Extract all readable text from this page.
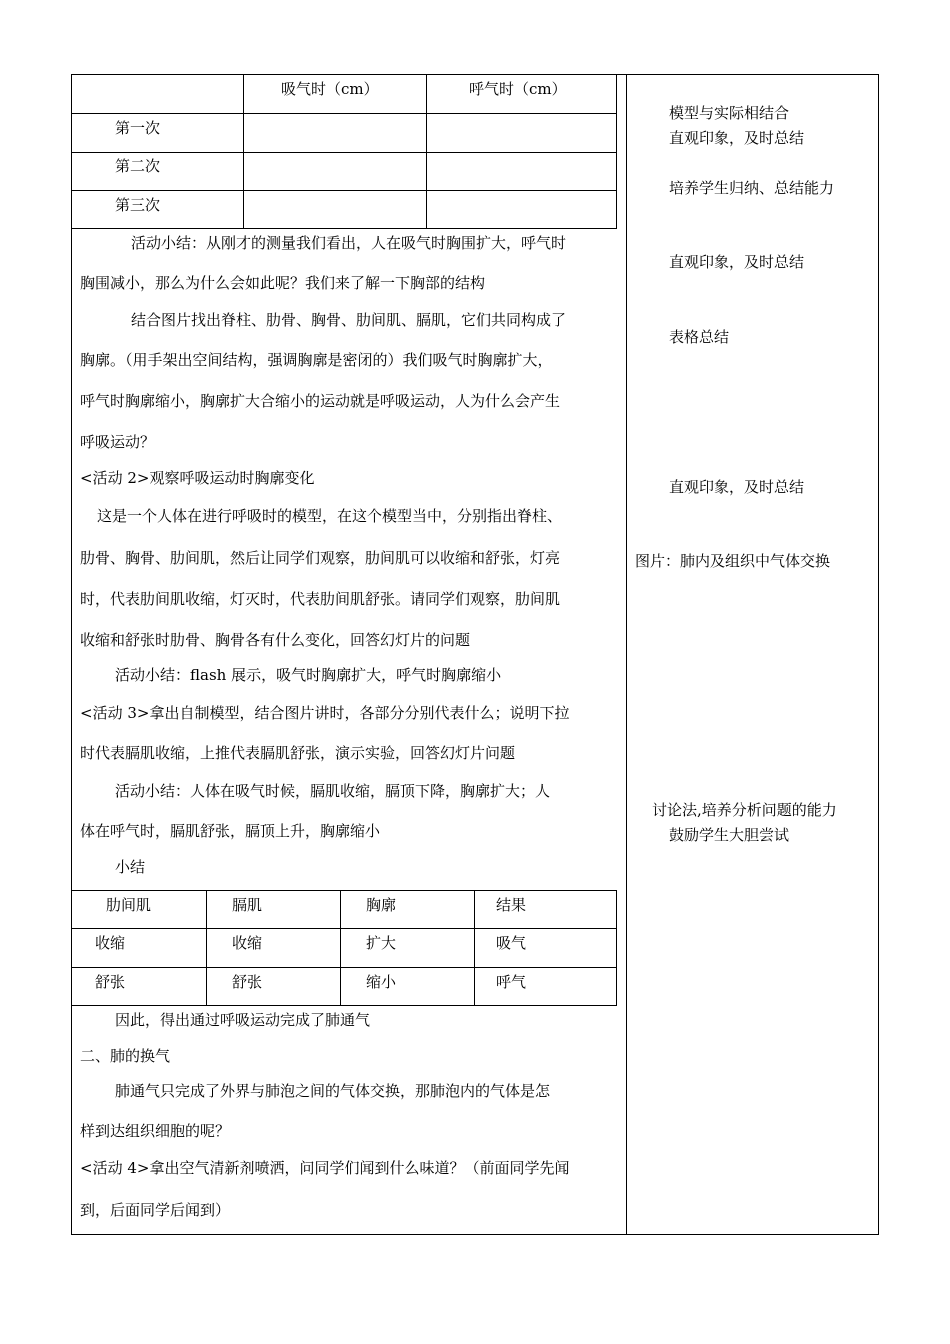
吸气时（cm）	呼气时（cm）
第一次
第二次
第三次
活动小结：从刚才的测量我们看出，人在吸气时胸围扩大，呼气时
胸围减小，那么为什么会如此呢？我们来了解一下胸部的结构
结合图片找出脊柱、肋骨、胸骨、肋间肌、膈肌，它们共同构成了
胸廓。（用手架出空间结构，强调胸廓是密闭的）我们吸气时胸廓扩大，
呼气时胸廓缩小，胸廓扩大合缩小的运动就是呼吸运动，人为什么会产生
呼吸运动？
<活动 2>观察呼吸运动时胸廓变化
这是一个人体在进行呼吸时的模型，在这个模型当中，分别指出脊柱、
肋骨、胸骨、肋间肌，然后让同学们观察，肋间肌可以收缩和舒张，灯亮
时，代表肋间肌收缩，灯灭时，代表肋间肌舒张。请同学们观察，肋间肌
收缩和舒张时肋骨、胸骨各有什么变化，回答幻灯片的问题
活动小结：flash 展示，吸气时胸廓扩大，呼气时胸廓缩小
<活动 3>拿出自制模型，结合图片讲时，各部分分别代表什么；说明下拉
时代表膈肌收缩，上推代表膈肌舒张，演示实验，回答幻灯片问题
活动小结：人体在吸气时候，膈肌收缩，膈顶下降，胸廓扩大；人
体在呼气时，膈肌舒张，膈顶上升，胸廓缩小
小结
肋间肌	膈肌	胸廓	结果
收缩	收缩	扩大	吸气
舒张	舒张	缩小	呼气
因此，得出通过呼吸运动完成了肺通气
二、肺的换气
肺通气只完成了外界与肺泡之间的气体交换，那肺泡内的气体是怎
样到达组织细胞的呢？
<活动 4>拿出空气清新剂喷洒，问同学们闻到什么味道？（前面同学先闻
到，后面同学后闻到）
模型与实际相结合
直观印象，及时总结
培养学生归纳、总结能力
直观印象，及时总结
表格总结
直观印象，及时总结
图片：肺内及组织中气体交换
讨论法,培养分析问题的能力
鼓励学生大胆尝试
